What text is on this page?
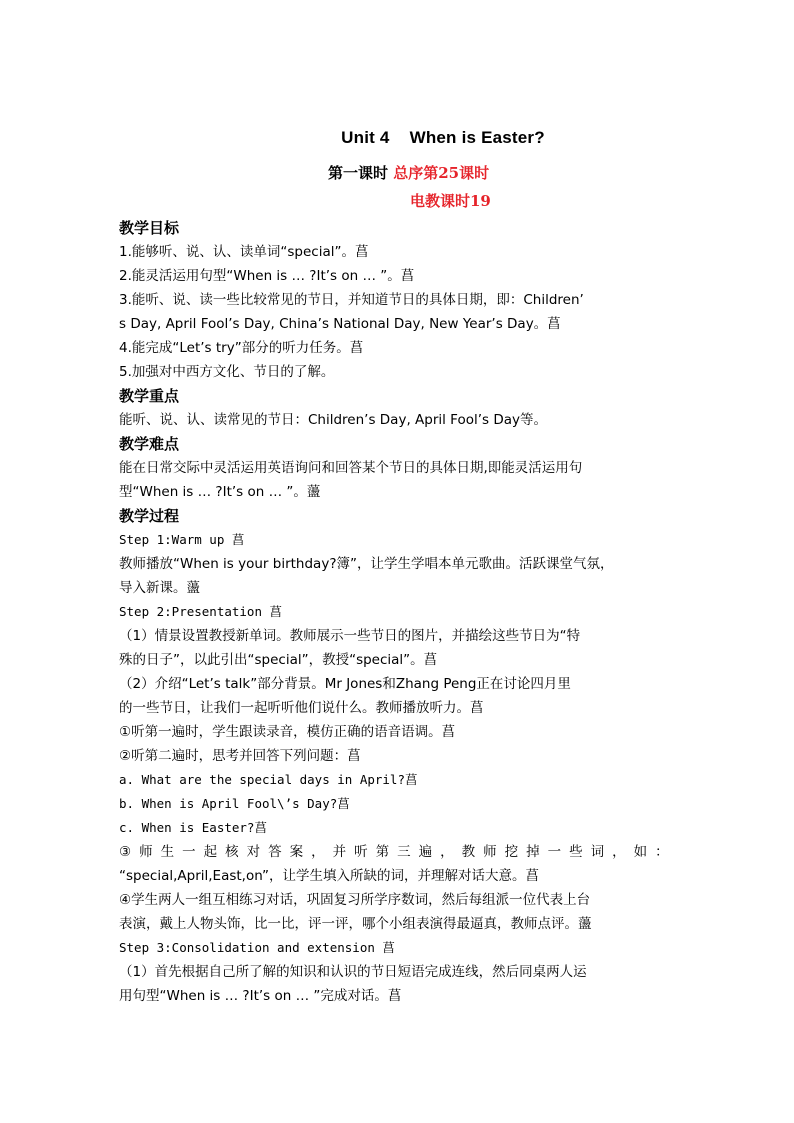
Unit 4 When is Easter?
第一课时 总序第25课时
电教课时19
教学目标
1.能够听、说、认、读单词“special”。菖
2.能灵活运用句型“When is … ?It’s on … ”。菖
3.能听、说、读一些比较常见的节日，并知道节日的具体日期，即：Children’
s Day, April Fool’s Day, China’s National Day, New Year’s Day。菖
4.能完成“Let’s try”部分的听力任务。菖
5.加强对中西方文化、节日的了解。
教学重点
能听、说、认、读常见的节日：Children’s Day, April Fool’s Day等。
教学难点
能在日常交际中灵活运用英语询问和回答某个节日的具体日期,即能灵活运用句
型“When is … ?It’s on … ”。蘯
教学过程
Step 1:Warm up 菖
教师播放“When is your birthday?簿”，让学生学唱本单元歌曲。活跃课堂气氛，
导入新课。蘯
Step 2:Presentation 菖
（1）情景设置教授新单词。教师展示一些节日的图片，并描绘这些节日为“特
殊的日子”，以此引出“special”，教授“special”。菖
（2）介绍“Let’s talk”部分背景。Mr Jones和Zhang Peng正在讨论四月里
的一些节日，让我们一起听听他们说什么。教师播放听力。菖
①听第一遍时，学生跟读录音，模仿正确的语音语调。菖
②听第二遍时，思考并回答下列问题：菖
a. What are the special days in April?菖
b. When is April Fool\’s Day?菖
c. When is Easter?菖
③师生一起核对答案，并听第三遍，教师挖掉一些词，如：
“special,April,East,on”，让学生填入所缺的词，并理解对话大意。菖
④学生两人一组互相练习对话，巩固复习所学序数词，然后每组派一位代表上台
表演，戴上人物头饰，比一比，评一评，哪个小组表演得最逼真，教师点评。蘯
Step 3:Consolidation and extension 菖
（1）首先根据自己所了解的知识和认识的节日短语完成连线，然后同桌两人运
用句型“When is … ?It’s on … ”完成对话。菖
